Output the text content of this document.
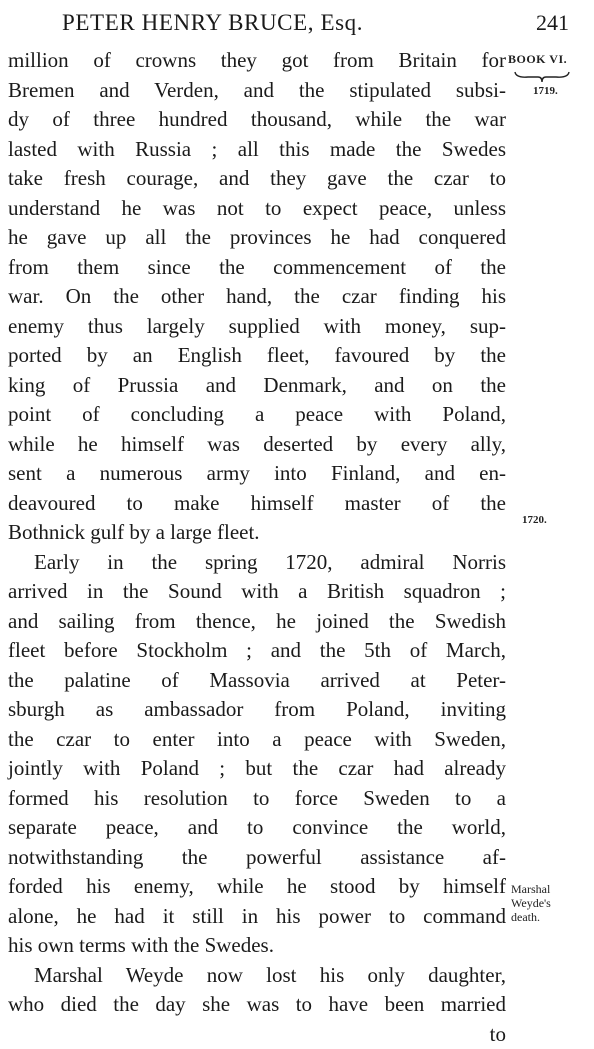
PETER HENRY BRUCE, Esq.	241
BOOK VI.
1719.
1720.
Marshal
Weyde's
death.
million of crowns they got from Britain for
Bremen and Verden, and the stipulated subsi-
dy of three hundred thousand, while the war
lasted with Russia ; all this made the Swedes
take fresh courage, and they gave the czar to
understand he was not to expect peace, unless
he gave up all the provinces he had conquered
from them since the commencement of the
war. On the other hand, the czar finding his
enemy thus largely supplied with money, sup-
ported by an English fleet, favoured by the
king of Prussia and Denmark, and on the
point of concluding a peace with Poland,
while he himself was deserted by every ally,
sent a numerous army into Finland, and en-
deavoured to make himself master of the
Bothnick gulf by a large fleet.
Early in the spring 1720, admiral Norris
arrived in the Sound with a British squadron ;
and sailing from thence, he joined the Swedish
fleet before Stockholm ; and the 5th of March,
the palatine of Massovia arrived at Peter-
sburgh as ambassador from Poland, inviting
the czar to enter into a peace with Sweden,
jointly with Poland ; but the czar had already
formed his resolution to force Sweden to a
separate peace, and to convince the world,
notwithstanding the powerful assistance af-
forded his enemy, while he stood by himself
alone, he had it still in his power to command
his own terms with the Swedes.
Marshal Weyde now lost his only daughter,
who died the day she was to have been married
to
